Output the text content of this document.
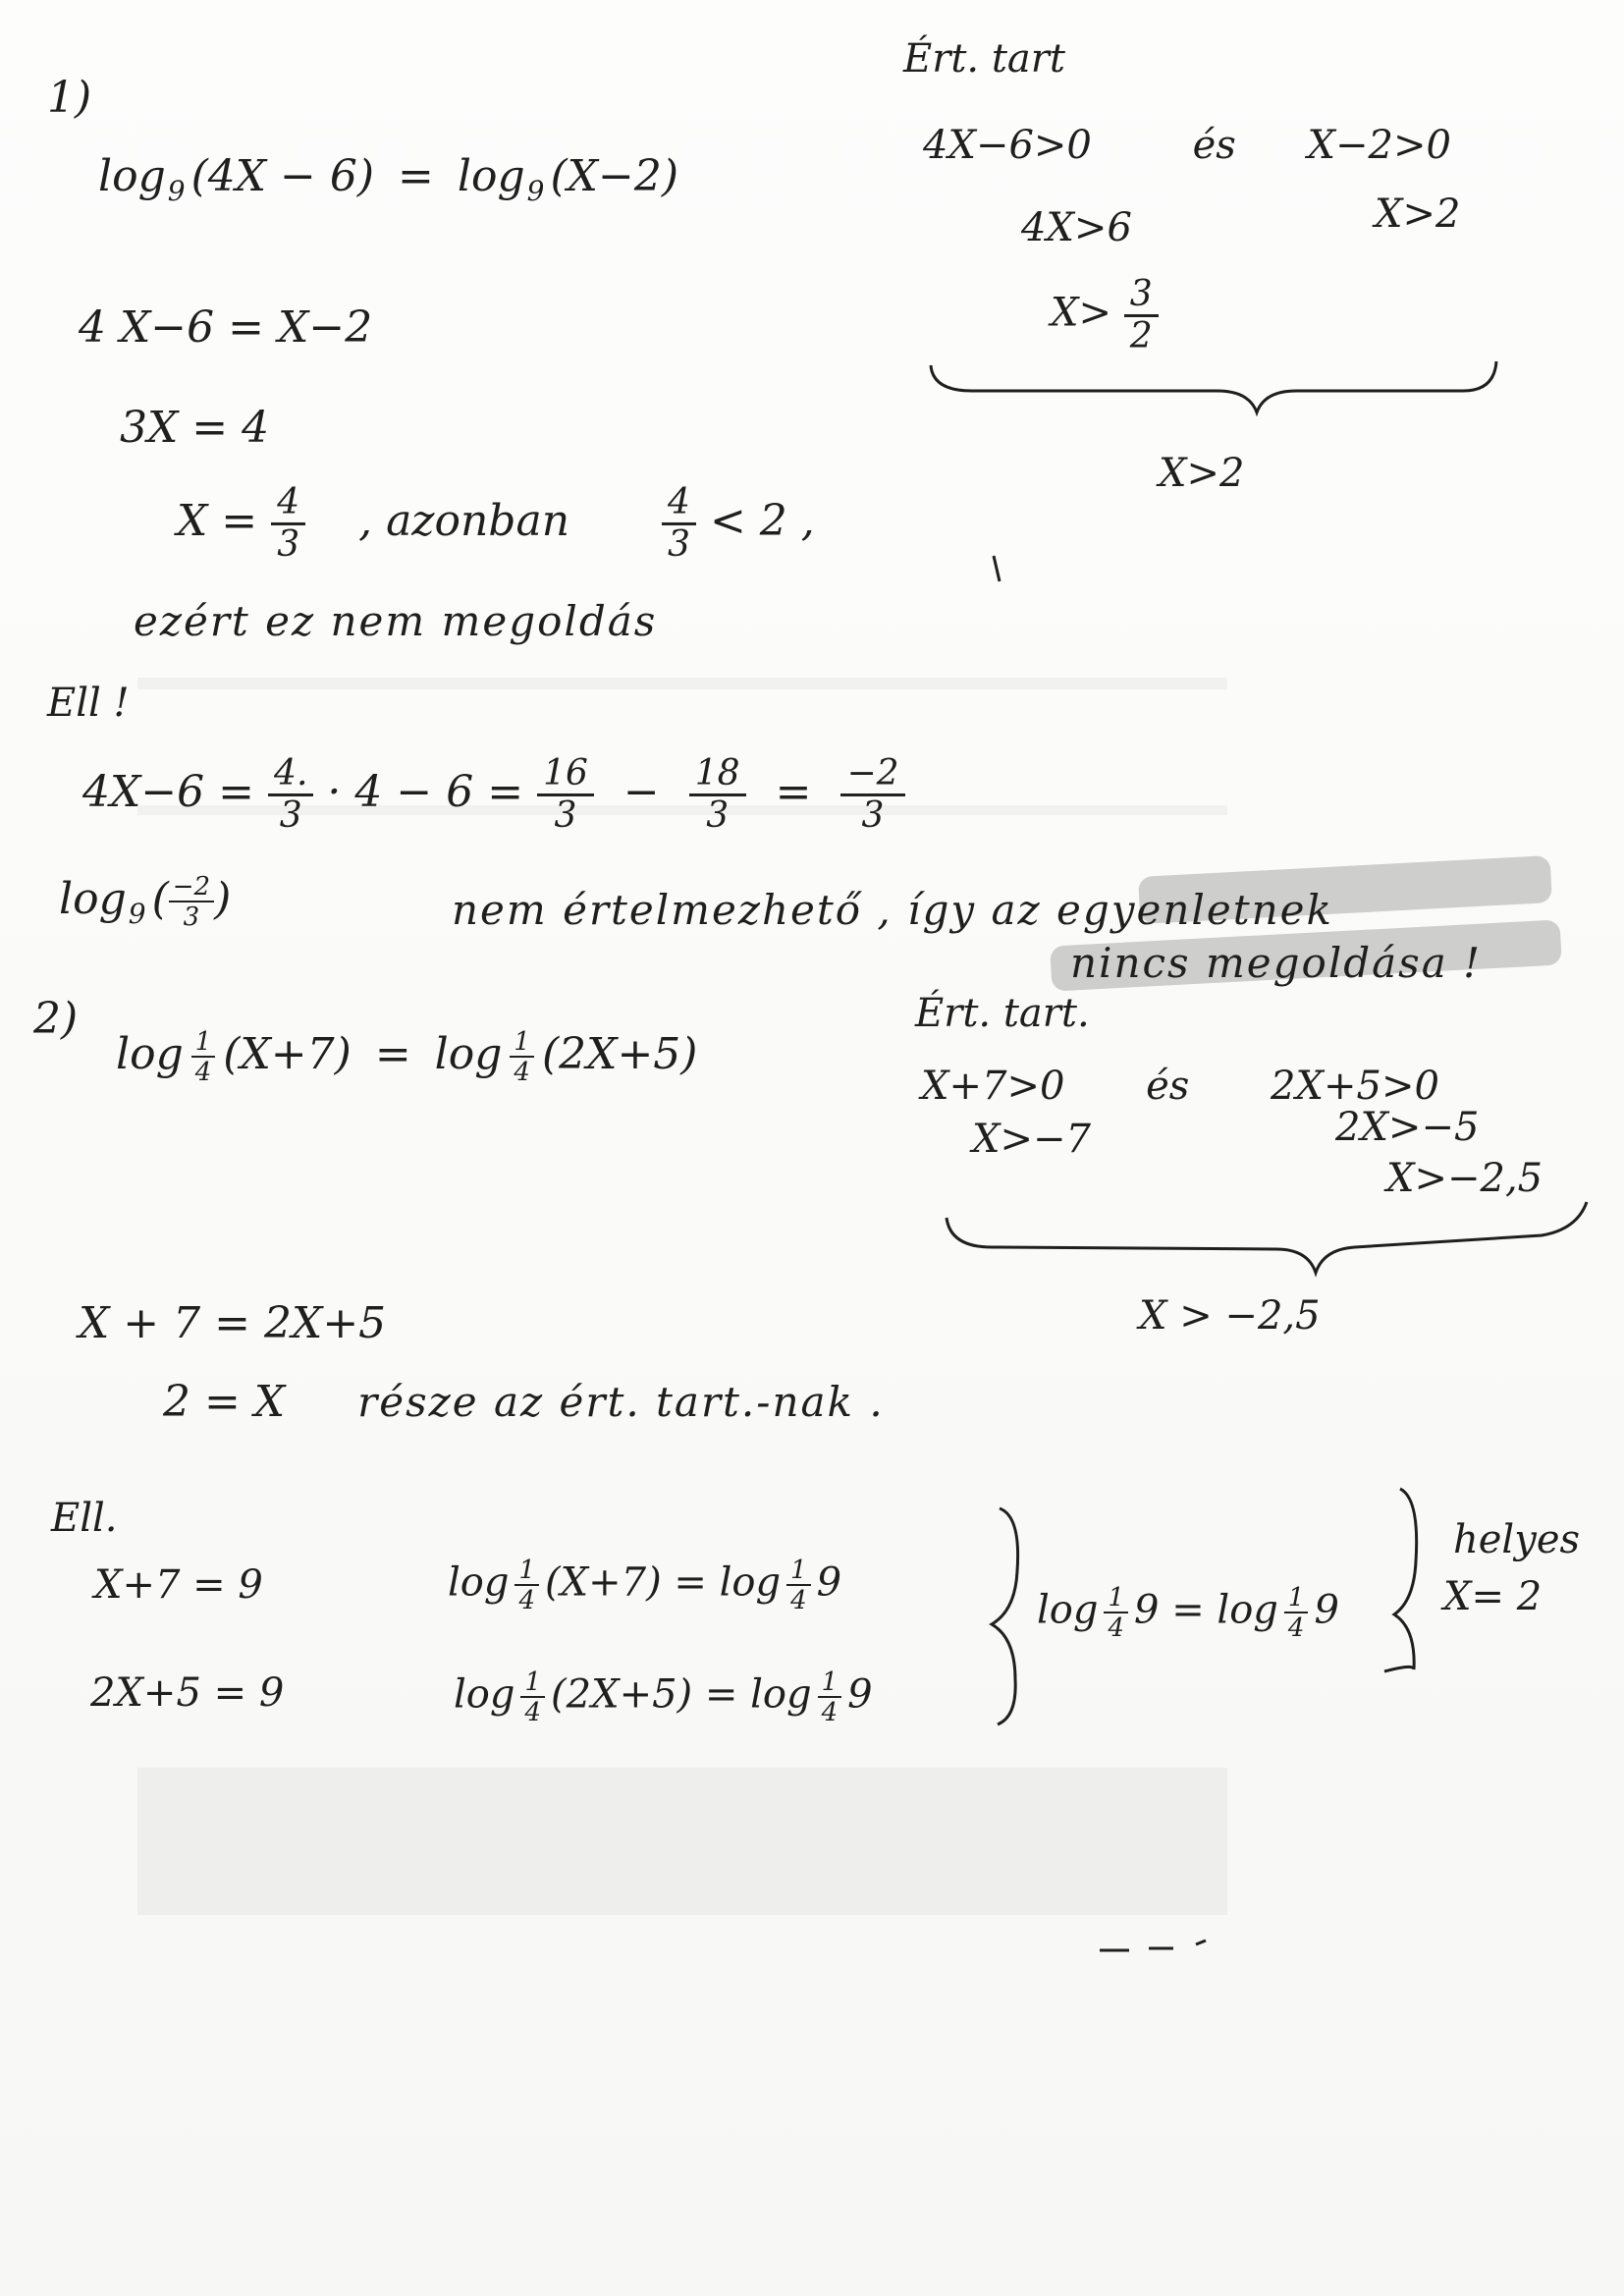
1)
$\log_9 (4X - 6) = \log_9 (X-2)$
Ért. tart
4X−6>0	és X−2>0
4X>6	X>2
$X> \frac{3}{2}$
X>2
4 X−6 = X−2
3X = 4
$X = \frac{4}{3}$ , azonban	$\frac{4}{3} < 2$ ,
ezért ez nem megoldás
Ell !
$4X-6 = \frac{4.}{3} \cdot 4 - 6 = \frac{16}{3} - \frac{18}{3} = \frac{-2}{3}$
$\log_9$ ( $\frac{-2}{3}$ )	nem értelmezhető , így az egyenletnek
nincs megoldása !
2)
$\log \frac{1}{4} (X+7) = \log \frac{1}{4} (2X+5)$
Ért. tart.
X+7>0 és 2X+5>0
X>−7	2X>−5
X>−2,5
X > −2,5
X + 7 = 2X+5
2 = X része az ért. tart.-nak .
Ell.
X+7 = 9
2X+5 = 9
$\log \frac{1}{4} (X+7) = \log \frac{1}{4} 9$
$\log \frac{1}{4} (2X+5) = \log \frac{1}{4} 9$
$\log \frac{1}{4} 9 = \log \frac{1}{4} 9$
helyes
X= 2
